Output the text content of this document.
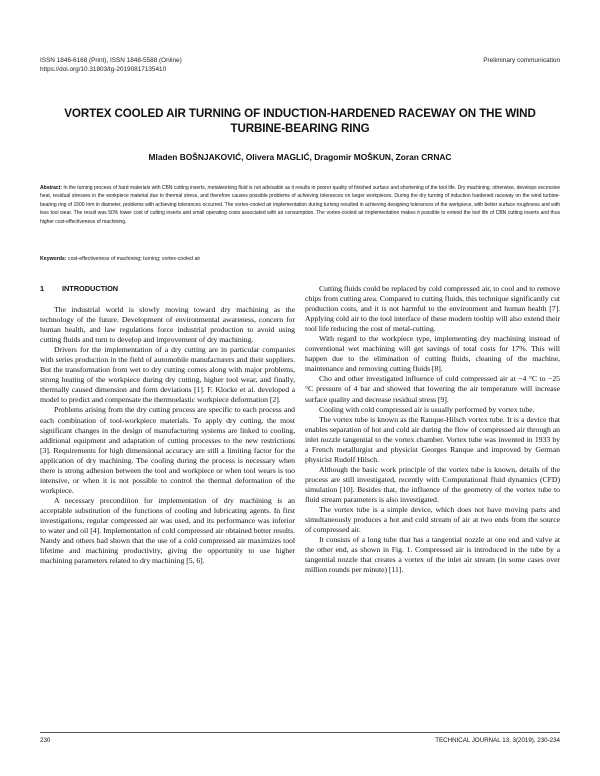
ISSN 1846-6168 (Print), ISSN 1848-5588 (Online)
https://doi.org/10.31803/tg-20190817135410
Preliminary communication
VORTEX COOLED AIR TURNING OF INDUCTION-HARDENED RACEWAY ON THE WIND TURBINE-BEARING RING
Mladen BOŠNJAKOVIĆ, Olivera MAGLIĆ, Dragomir MOŠKUN, Zoran CRNAC
Abstract: In the turning process of hard materials with CBN cutting inserts, metalworking fluid is not advisable as it results in poorer quality of finished surface and shortening of the tool life. Dry machining, otherwise, develops excessive heat, residual stresses in the workpiece material due to thermal stress, and therefore causes possible problems of achieving tolerances on larger workpieces. During the dry turning of induction hardened raceway on the wind turbine-bearing ring of 1500 mm in diameter, problems with achieving tolerances occurred. The vortex-cooled air implementation during turning resulted in achieving designing tolerances of the workpiece, with better surface roughness and with less tool wear. The result was 50% lower cost of cutting inserts and small operating costs associated with air consumption. The vortex-cooled air implementation makes it possible to extend the tool life of CBN cutting inserts and thus higher cost-effectiveness of machining.
Keywords: cost-effectiveness of machining; turning; vortex-cooled air
1 INTRODUCTION

The industrial world is slowly moving toward dry machining as the technology of the future. Development of environmental awareness, concern for human health, and law regulations force industrial production to avoid using cutting fluids and turn to develop and improvement of dry machining.

Drivers for the implementation of a dry cutting are in particular companies with series production in the field of automobile manufacturers and their suppliers. But the transformation from wet to dry cutting comes along with major problems, strong heating of the workpiece during dry cutting, higher tool wear, and finally, thermally caused dimension and form deviations [1]. F. Klocke et al. developed a model to predict and compensate the thermoelastic workpiece deformation [2].

Problems arising from the dry cutting process are specific to each process and each combination of tool-workpiece materials. To apply dry cutting, the most significant changes in the design of manufacturing systems are linked to cooling, additional equipment and adaptation of cutting processes to the new restrictions [3]. Requirements for high dimensional accuracy are still a limiting factor for the application of dry machining. The cooling during the process is necessary when there is strong adhesion between the tool and workpiece or when tool wears is too intensive, or when it is not possible to control the thermal deformation of the workpiece.

A necessary precondition for implementation of dry machining is an acceptable substitution of the functions of cooling and lubricating agents. In first investigations, regular compressed air was used, and its performance was inferior to water and oil [4]. Implementation of cold compressed air obtained better results. Nandy and others had shown that the use of a cold compressed air maximizes tool lifetime and machining productivity, giving the opportunity to use higher machining parameters related to dry machining [5, 6].

Cutting fluids could be replaced by cold compressed air, to cool and to remove chips from cutting area. Compared to cutting fluids, this technique significantly cut production costs, and it is not harmful to the environment and human health [7]. Applying cold air to the tool interface of these modern tooltip will also extend their tool life reducing the cost of metal-cutting.

With regard to the workpiece type, implementing dry machining instead of conventional wet machining will get savings of total costs for 17%. This will happen due to the elimination of cutting fluids, cleaning of the machine, maintenance and removing cutting fluids [8].

Cho and other investigated influence of cold compressed air at −4 °C to −25 °C pressure of 4 bar and showed that lowering the air temperature will increase surface quality and decrease residual stress [9].

Cooling with cold compressed air is usually performed by vortex tube.

The vortex tube is known as the Ranque-Hilsch vortex tube. It is a device that enables separation of hot and cold air during the flow of compressed air through an inlet nozzle tangential to the vortex chamber. Vortex tube was invented in 1933 by a French metallurgist and physicist Georges Ranque and improved by German physicist Rudolf Hilsch.

Although the basic work principle of the vortex tube is known, details of the process are still investigated, recently with Computational fluid dynamics (CFD) simulation [10]. Besides that, the influence of the geometry of the vortex tube to fluid stream parameters is also investigated.

The vortex tube is a simple device, which does not have moving parts and simultaneously produces a hot and cold stream of air at two ends from the source of compressed air.

It consists of a long tube that has a tangential nozzle at one end and valve at the other end, as shown in Fig. 1. Compressed air is introduced in the tube by a tangential nozzle that creates a vortex of the inlet air stream (in some cases over million rounds per minute) [11].

230	TECHNICAL JOURNAL 13, 3(2019), 230-234
